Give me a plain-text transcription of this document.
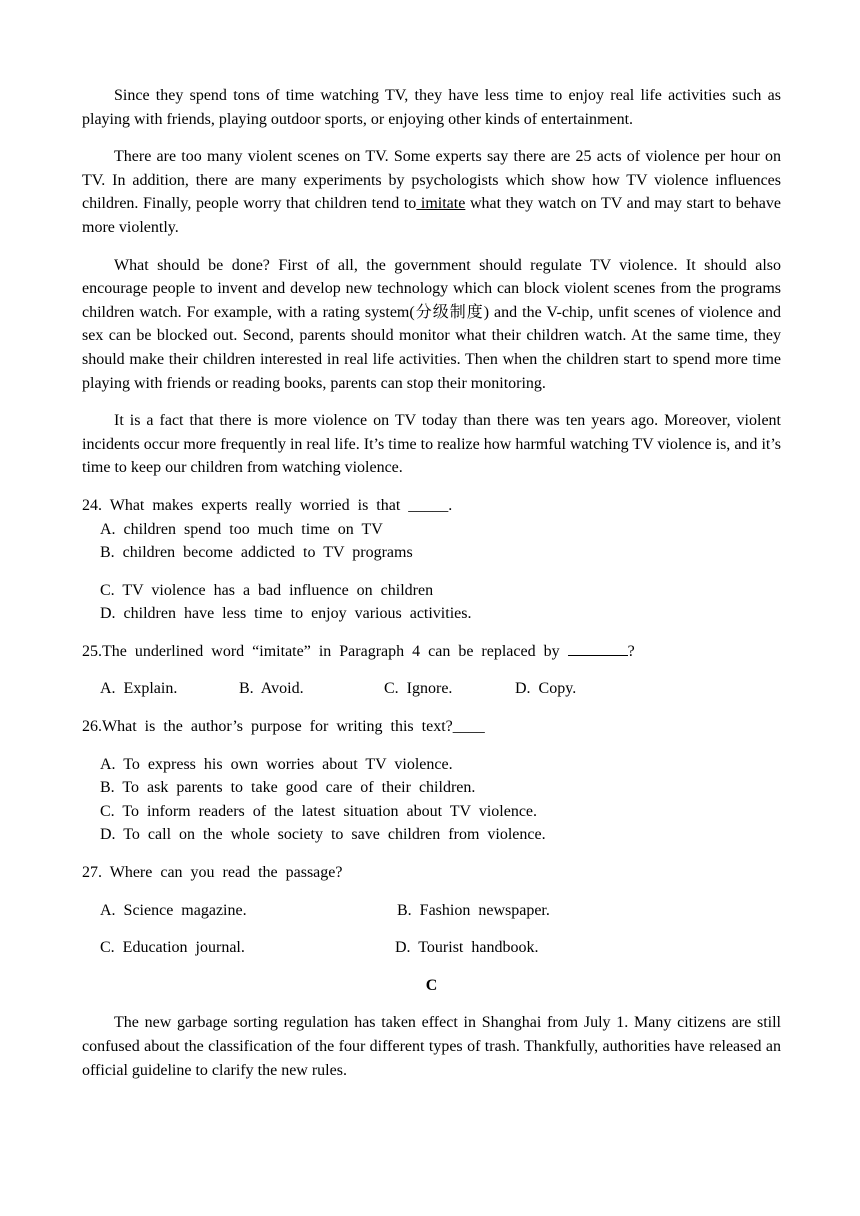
Since they spend tons of time watching TV, they have less time to enjoy real life activities such as playing with friends, playing outdoor sports, or enjoying other kinds of entertainment.

There are too many violent scenes on TV. Some experts say there are 25 acts of violence per hour on TV. In addition, there are many experiments by psychologists which show how TV violence influences children. Finally, people worry that children tend to imitate what they watch on TV and may start to behave more violently.

What should be done? First of all, the government should regulate TV violence. It should also encourage people to invent and develop new technology which can block violent scenes from the programs children watch. For example, with a rating system(分级制度) and the V-chip, unfit scenes of violence and sex can be blocked out. Second, parents should monitor what their children watch. At the same time, they should make their children interested in real life activities. Then when the children start to spend more time playing with friends or reading books, parents can stop their monitoring.

It is a fact that there is more violence on TV today than there was ten years ago. Moreover, violent incidents occur more frequently in real life. It’s time to realize how harmful watching TV violence is, and it’s time to keep our children from watching violence.

24. What makes experts really worried is that _____.

A. children spend too much time on TV

B. children become addicted to TV programs

C. TV violence has a bad influence on children

D. children have less time to enjoy various activities.

25.The underlined word “imitate” in Paragraph 4 can be replaced by	?

A. Explain.	B. Avoid.	C. Ignore.	D. Copy.

26.What is the author’s purpose for writing this text?____

A. To express his own worries about TV violence.

B. To ask parents to take good care of their children.

C. To inform readers of the latest situation about TV violence.

D. To call on the whole society to save children from violence.

27. Where can you read the passage?

A. Science magazine.	B. Fashion newspaper.
C. Education journal.	D. Tourist handbook.

C

The new garbage sorting regulation has taken effect in Shanghai from July 1. Many citizens are still confused about the classification of the four different types of trash. Thankfully, authorities have released an official guideline to clarify the new rules.
